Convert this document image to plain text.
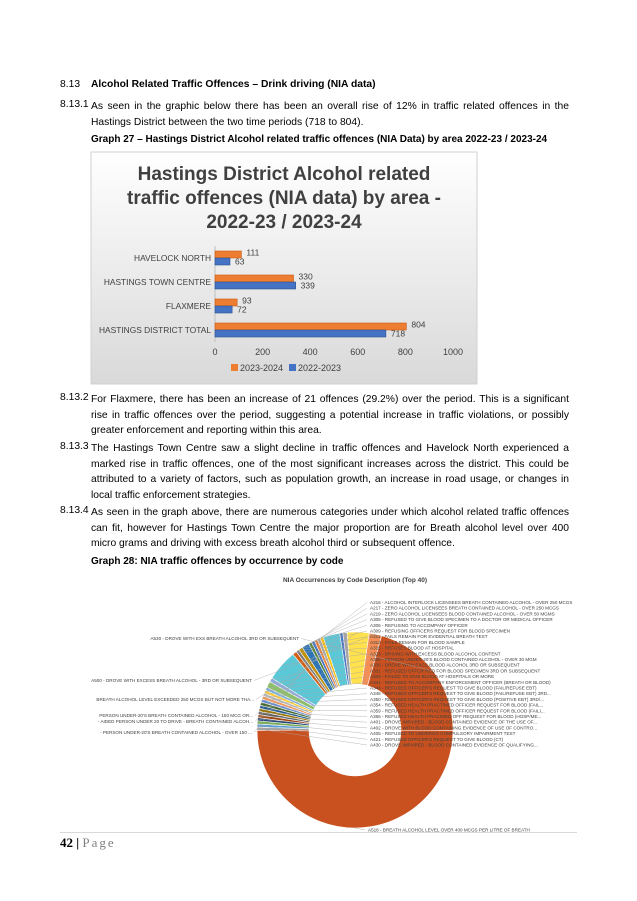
8.13 Alcohol Related Traffic Offences – Drink driving (NIA data)
8.13.1 As seen in the graphic below there has been an overall rise of 12% in traffic related offences in the Hastings District between the two time periods (718 to 804).
Graph 27 – Hastings District Alcohol related traffic offences (NIA Data) by area 2022-23 / 2023-24
Hastings District Alcohol related
traffic offences (NIA data) by area -
2022-23 / 2023-24
0	200	400	600	800	1000
HAVELOCK NORTH
111
63
HASTINGS TOWN CENTRE
330
339
FLAXMERE
93
72
HASTINGS DISTRICT TOTAL
804
718
2023-2024 2022-2023
8.13.2 For Flaxmere, there has been an increase of 21 offences (29.2%) over the period. This is a significant rise in traffic offences over the period, suggesting a potential increase in traffic violations, or possibly greater enforcement and reporting within this area.
8.13.3 The Hastings Town Centre saw a slight decline in traffic offences and Havelock North experienced a marked rise in traffic offences, one of the most significant increases across the district. This could be attributed to a variety of factors, such as population growth, an increase in road usage, or changes in local traffic enforcement strategies.
8.13.4 As seen in the graph above, there are numerous categories under which alcohol related traffic offences can fit, however for Hastings Town Centre the major proportion are for Breath alcohol level over 400 micro grams and driving with excess breath alcohol third or subsequent offence.
Graph 28: NIA traffic offences by occurrence by code
NIA Occurrences by Code Description (Top 40)
A216 - ALCOHOL INTERLOCK LICENSEES BREATH CONTAINED ALCOHOL - OVER 250 MCGS
A217 - ZERO ALCOHOL LICENSEES BREATH CONTAINED ALCOHOL - OVER 250 MCGS
A219 - ZERO ALCOHOL LICENSEES BLOOD CONTAINED ALCOHOL - OVER 50 MGMS
A305 - REFUSED TO GIVE BLOOD SPECIMEN TO A DOCTOR OR MEDICAL OFFICER
A306 - REFUSING TO ACCOMPANY OFFICER
A309 - REFUSING OFFICERS REQUEST FOR BLOOD SPECIMEN
A311 - FAILS REMAIN FOR EVIDENTIAL BREATH TEST
A313 - FAILS REMAIN FOR BLOOD SAMPLE
A315 - REFUSES BLOOD AT HOSPITAL
A323 - DRIVING WITH EXCESS BLOOD ALCOHOL CONTENT
A326 - PERSON UNDER-20'S BLOOD CONTAINED ALCOHOL - OVER 30 MGM
A330 - DROVE WITH EXCS BLOOD ALCOHOL 3RD OR SUBSEQUENT
A331 - REFUSED OFFCR REQ FOR BLOOD SPECIMEN 3RD OR SUBSEQUENT
A333 - FAILED TO GIVE BLOOD AT HOSPITALS OR MORE
A341 - REFUSED TO ACCOMPANY ENFORCEMENT OFFICER (BREATH OR BLOOD)
A344 - REFUSED OFFICER'S REQUEST TO GIVE BLOOD (FAIL/REFUSE EBT)
A348 - REFUSED OFFICER'S REQUEST TO GIVE BLOOD (FAIL/REFUSE EBT) 3RD...
A350 - REFUSED OFFICER'S REQUEST TO GIVE BLOOD (POSITIVE EBT) 3RD/...
A354 - REFUSED HEALTH PRACT/MED OFFICER REQUEST FOR BLOOD (FAIL...
A359 - REFUSED HEALTH PRACT/MED OFFICER REQUEST FOR BLOOD (FAILI...
A366 - REFUSED HEALTH PRAC/MED OFF REQUEST FOR BLOOD (HOSP/ME...
A401 - DROVE IMPAIRED - BLOOD CONTAINED EVIDENCE OF THE USE OF...
A402 - DROVE WITH BLOOD CONTAINING EVIDENCE OF USE OF CONTRO...
A405 - REFUSED TO UNDERGO COMPULSORY IMPAIRMENT TEST
A421 - REFUSED OFFICER'S REQUEST TO GIVE BLOOD (CT)
A430 - DROVE IMPAIRED - BLOOD CONTAINED EVIDENCE OF QUALIFYING...
- PERSON UNDER-20'S BREATH CONTAINED ALCOHOL - OVER 150 ...
- AIDED PERSON UNDER 20 TO DRIVE - BREATH CONTAINED ALCOH...
PERSON UNDER-20'S BREATH CONTAINED ALCOHOL - 150 MCG OR...
BREATH ALCOHOL LEVEL EXCEEDED 250 MCGS BUT NOT MORE THA...
A500 - DROVE WITH EXCESS BREATH ALCOHOL - 3RD OR SUBSEQUENT
A530 - DROVE WITH EXS BREATH ALCOHOL 3RD OR SUBSEQUENT
A518 - BREATH ALCOHOL LEVEL OVER 400 MCGS PER LITRE OF BREATH
42 | Page
